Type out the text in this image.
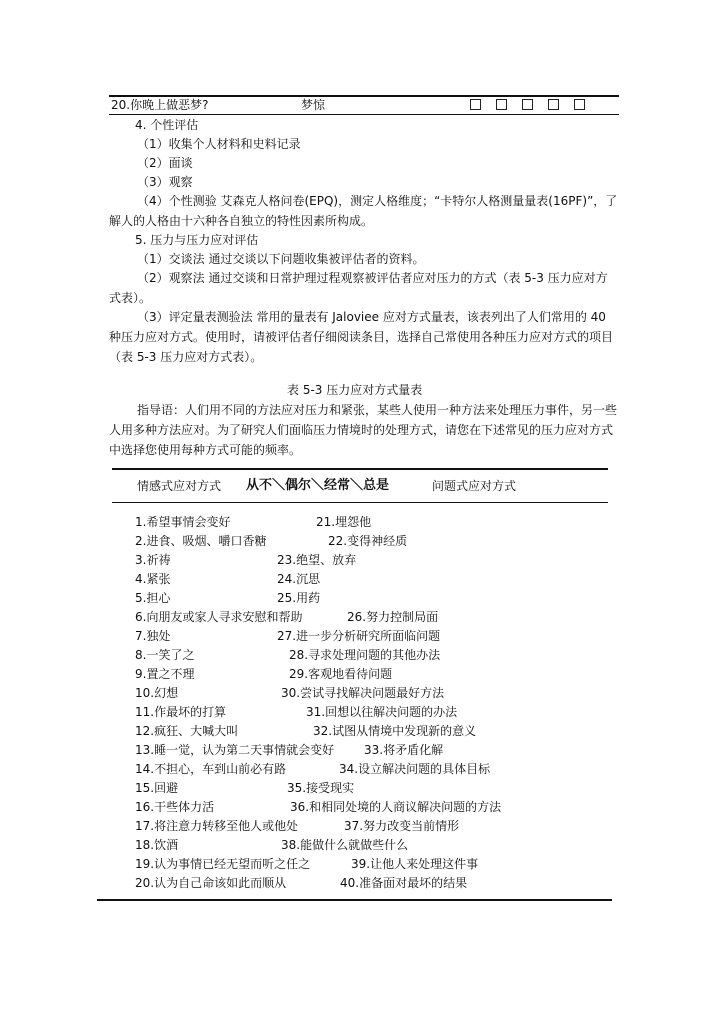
20.你晚上做恶梦?	梦惊
4. 个性评估
（1）收集个人材料和史料记录
（2）面谈
（3）观察
（4）个性测验 艾森克人格问卷(EPQ)，测定人格维度；“卡特尔人格测量量表(16PF)”，了解人的人格由十六种各自独立的特性因素所构成。
5. 压力与压力应对评估
（1）交谈法 通过交谈以下问题收集被评估者的资料。
（2）观察法 通过交谈和日常护理过程观察被评估者应对压力的方式（表 5-3 压力应对方式表）。
（3）评定量表测验法 常用的量表有 Jaloviee 应对方式量表，该表列出了人们常用的 40 种压力应对方式。使用时，请被评估者仔细阅读条目，选择自己常使用各种压力应对方式的项目（表 5-3 压力应对方式表）。
表 5-3 压力应对方式量表
指导语：人们用不同的方法应对压力和紧张，某些人使用一种方法来处理压力事件，另一些人用多种方法应对。为了研究人们面临压力情境时的处理方式，请您在下述常见的压力应对方式中选择您使用每种方式可能的频率。
情感式应对方式 从不＼偶尔＼经常＼总是	问题式应对方式
1.希望事情会变好
2.进食、吸烟、嚼口香糖
3.祈祷
4.紧张
5.担心
6.向朋友或家人寻求安慰和帮助
7.独处
8.一笑了之
9.置之不理
10.幻想
11.作最坏的打算
12.疯狂、大喊大叫
13.睡一觉，认为第二天事情就会变好
14.不担心，车到山前必有路
15.回避
16.干些体力活
17.将注意力转移至他人或他处
18.饮酒
19.认为事情已经无望而听之任之
20.认为自己命该如此而顺从
21.埋怨他
22.变得神经质
23.绝望、放弃
24.沉思
25.用药
26.努力控制局面
27.进一步分析研究所面临问题
28.寻求处理问题的其他办法
29.客观地看待问题
30.尝试寻找解决问题最好方法
31.回想以往解决问题的办法
32.试图从情境中发现新的意义
33.将矛盾化解
34.设立解决问题的具体目标
35.接受现实
36.和相同处境的人商议解决问题的方法
37.努力改变当前情形
38.能做什么就做些什么
39.让他人来处理这件事
40.准备面对最坏的结果
